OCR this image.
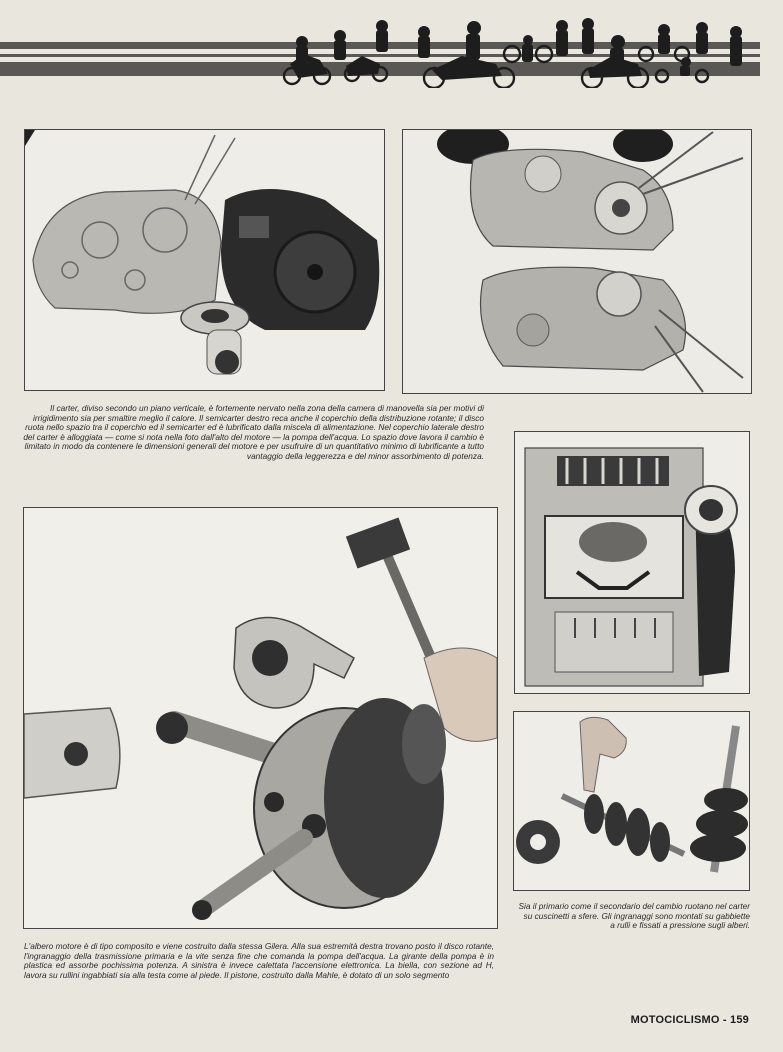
Il carter, diviso secondo un piano verticale, è fortemente nervato nella zona della camera di manovella sia per motivi di irrigidimento sia per smaltire meglio il calore. Il semicarter destro reca anche il coperchio della distribuzione rotante; il disco ruota nello spazio tra il coperchio ed il semicarter ed è lubrificato dalla miscela di alimentazione. Nel coperchio laterale destro del carter è alloggiata — come si nota nella foto dall'alto del motore — la pompa dell'acqua. Lo spazio dove lavora il cambio è limitato in modo da contenere le dimensioni generali del motore e per usufruire di un quantitativo minimo di lubrificante a tutto vantaggio della leggerezza e del minor assorbimento di potenza.

Sia il primario come il secondario del cambio ruotano nel carter su cuscinetti a sfere. Gli ingranaggi sono montati su gabbiette a rulli e fissati a pressione sugli alberi.

L'albero motore è di tipo composito e viene costruito dalla stessa Gilera. Alla sua estremità destra trovano posto il disco rotante, l'ingranaggio della trasmissione primaria e la vite senza fine che comanda la pompa dell'acqua. La girante della pompa è in plastica ed assorbe pochissima potenza. A sinistra è invece calettata l'accensione elettronica. La biella, con sezione ad H, lavora su rullini ingabbiati sia alla testa come al piede. Il pistone, costruito dalla Mahle, è dotato di un solo segmento

MOTOCICLISMO - 159
